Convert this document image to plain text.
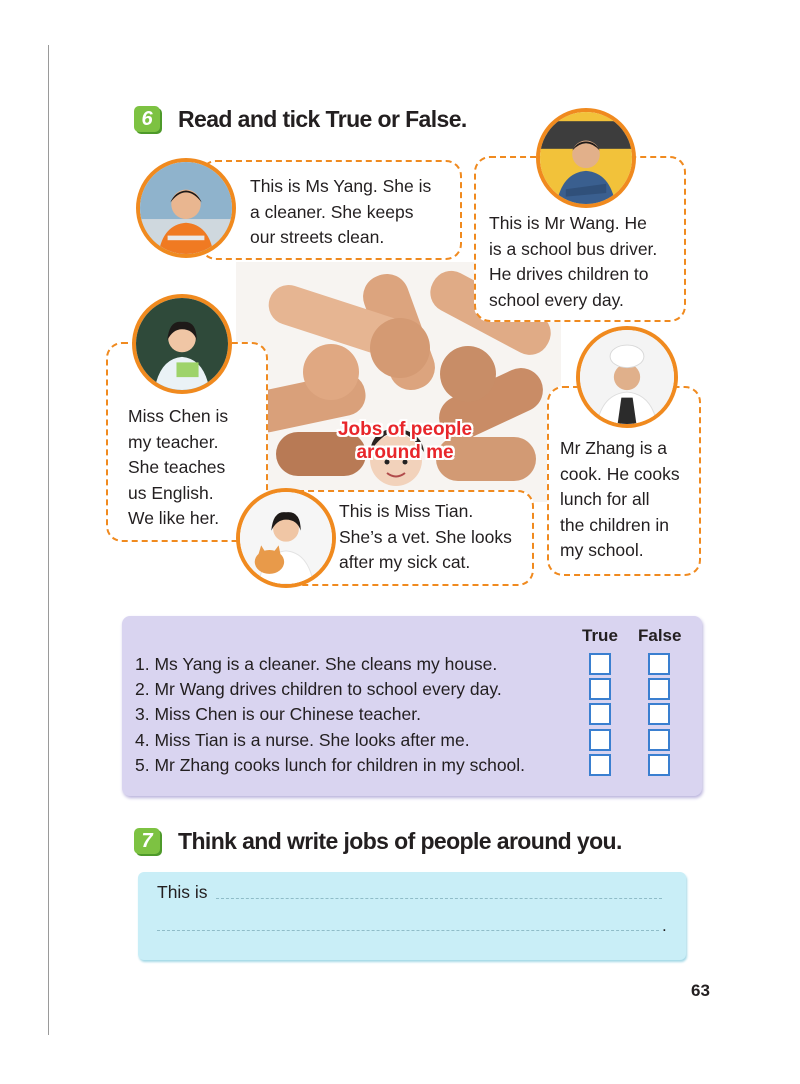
6	Read and tick True or False.
This is Ms Yang. She is
a cleaner. She keeps
our streets clean.
This is Mr Wang. He
is a school bus driver.
He drives children to
school every day.
Miss Chen is
my teacher.
She teaches
us English.
We like her.
Mr Zhang is a
cook. He cooks
lunch for all
the children in
my school.
This is Miss Tian.
She’s a vet. She looks
after my sick cat.
Jobs of people
around me
True False
1. Ms Yang is a cleaner. She cleans my house.
2. Mr Wang drives children to school every day.
3. Miss Chen is our Chinese teacher.
4. Miss Tian is a nurse. She looks after me.
5. Mr Zhang cooks lunch for children in my school.
7	Think and write jobs of people around you.
This is
.
63
